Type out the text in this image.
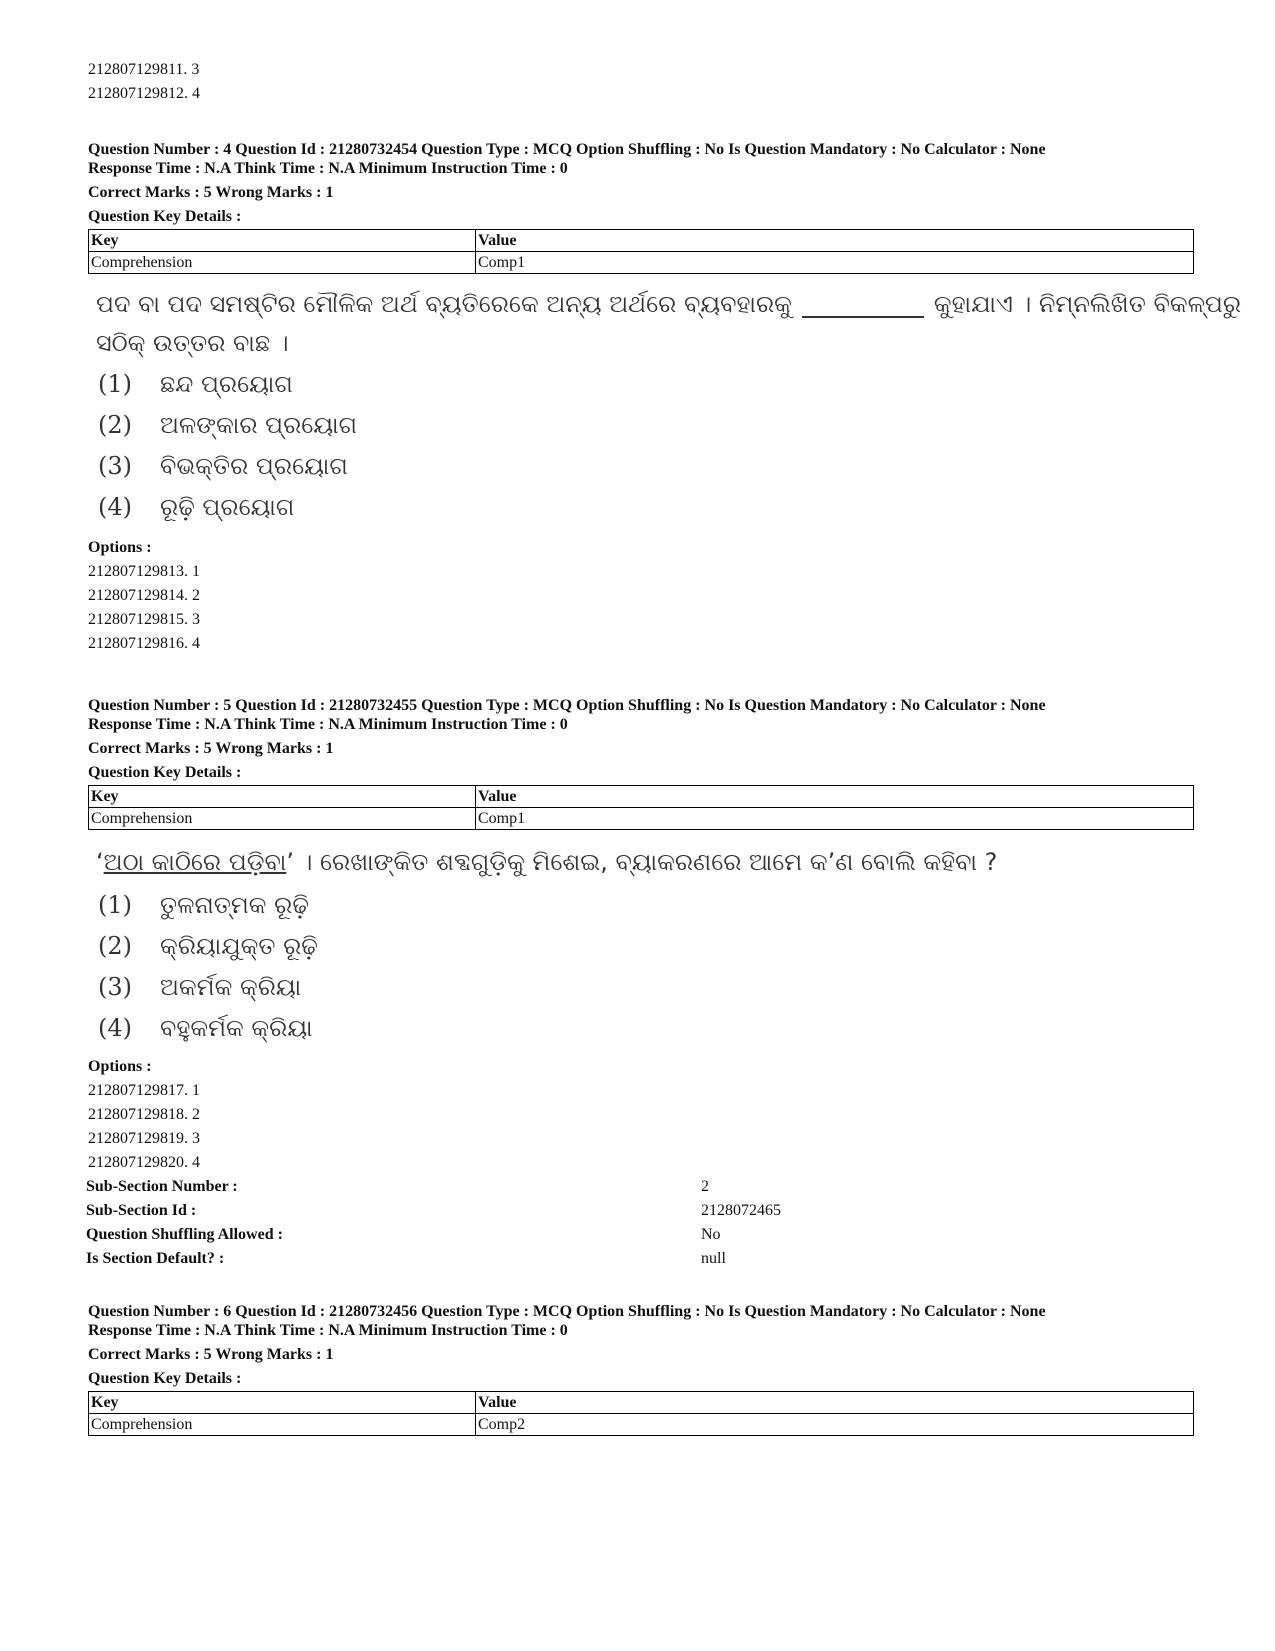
212807129811. 3
212807129812. 4
Question Number : 4 Question Id : 21280732454 Question Type : MCQ Option Shuffling : No Is Question Mandatory : No Calculator : None
Response Time : N.A Think Time : N.A Minimum Instruction Time : 0
Correct Marks : 5 Wrong Marks : 1
Question Key Details :
Key	Value
Comprehension	Comp1
ପଦ ବା ପଦ ସମଷ୍ଟିର ମୌଳିକ ଅର୍ଥ ବ୍ୟତିରେକେ ଅନ୍ୟ ଅର୍ଥରେ ବ୍ୟବହାରକୁ	କୁହାଯାଏ । ନିମ୍ନଲିଖିତ ବିକଳ୍ପରୁ
ସଠିକ୍ ଉତ୍ତର ବାଛ ।
(1) ଛନ୍ଦ ପ୍ରୟୋଗ
(2) ଅଳଙ୍କାର ପ୍ରୟୋଗ
(3) ବିଭକ୍ତିର ପ୍ରୟୋଗ
(4) ରୂଢ଼ି ପ୍ରୟୋଗ
Options :
212807129813. 1
212807129814. 2
212807129815. 3
212807129816. 4
Question Number : 5 Question Id : 21280732455 Question Type : MCQ Option Shuffling : No Is Question Mandatory : No Calculator : None
Response Time : N.A Think Time : N.A Minimum Instruction Time : 0
Correct Marks : 5 Wrong Marks : 1
Question Key Details :
Key	Value
Comprehension	Comp1
‘ଅଠା କାଠିରେ ପଡ଼ିବା’ । ରେଖାଙ୍କିତ ଶବ୍ଦଗୁଡ଼ିକୁ ମିଶେଇ, ବ୍ୟାକରଣରେ ଆମେ କ’ଣ ବୋଲି କହିବା ?
(1) ତୁଳନାତ୍ମକ ରୂଢ଼ି
(2) କ୍ରିୟାଯୁକ୍ତ ରୂଢ଼ି
(3) ଅକର୍ମକ କ୍ରିୟା
(4) ବହୁକର୍ମକ କ୍ରିୟା
Options :
212807129817. 1
212807129818. 2
212807129819. 3
212807129820. 4
Sub-Section Number :	2
Sub-Section Id :	2128072465
Question Shuffling Allowed :	No
Is Section Default? :	null
Question Number : 6 Question Id : 21280732456 Question Type : MCQ Option Shuffling : No Is Question Mandatory : No Calculator : None
Response Time : N.A Think Time : N.A Minimum Instruction Time : 0
Correct Marks : 5 Wrong Marks : 1
Question Key Details :
Key	Value
Comprehension	Comp2
